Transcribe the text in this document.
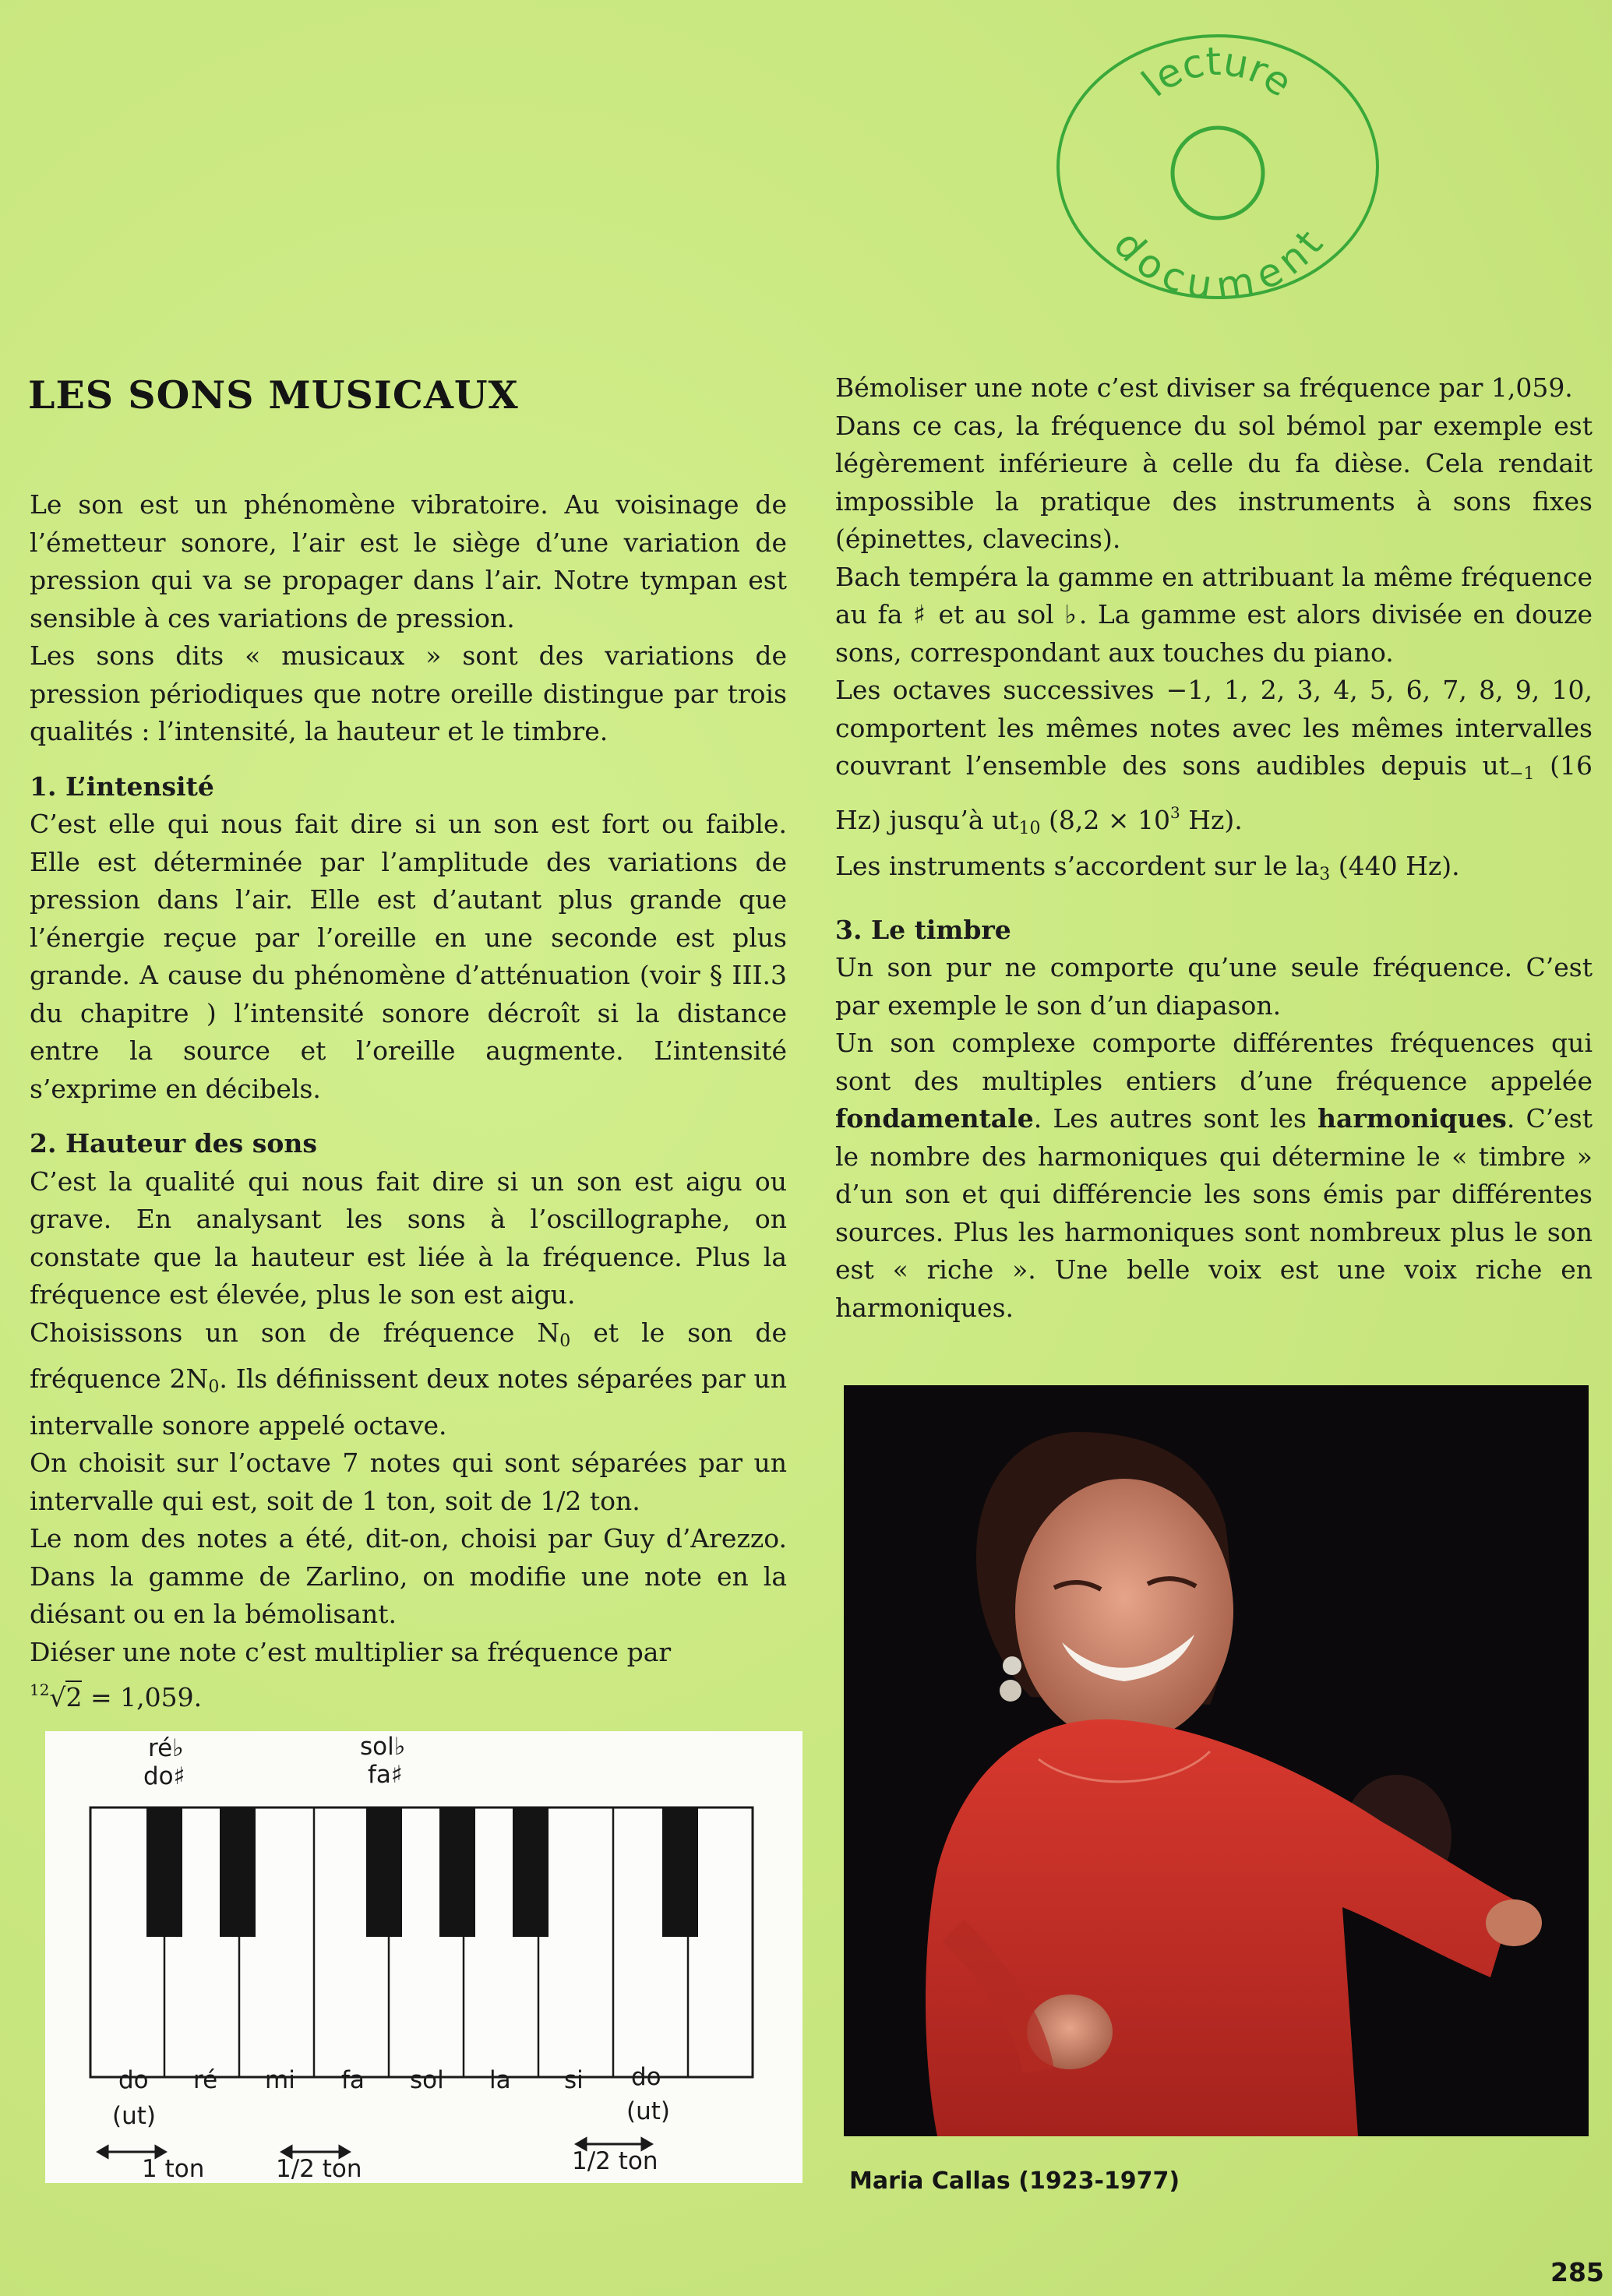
lecture
document
LES SONS MUSICAUX

Le son est un phénomène vibratoire. Au voisinage de l’émetteur sonore, l’air est le siège d’une variation de pression qui va se propager dans l’air. Notre tympan est sensible à ces variations de pression.

Les sons dits « musicaux » sont des variations de pression périodiques que notre oreille distingue par trois qualités : l’intensité, la hauteur et le timbre.

1. L’intensité

C’est elle qui nous fait dire si un son est fort ou faible. Elle est déterminée par l’amplitude des variations de pression dans l’air. Elle est d’autant plus grande que l’énergie reçue par l’oreille en une seconde est plus grande. A cause du phénomène d’atténuation (voir § III.3 du chapitre ) l’intensité sonore décroît si la distance entre la source et l’oreille augmente. L’intensité s’exprime en décibels.

2. Hauteur des sons

C’est la qualité qui nous fait dire si un son est aigu ou grave. En analysant les sons à l’oscillographe, on constate que la hauteur est liée à la fréquence. Plus la fréquence est élevée, plus le son est aigu.

Choisissons un son de fréquence $N_0$ et le son de fréquence $2N_0$. Ils définissent deux notes séparées par un intervalle sonore appelé octave.

On choisit sur l’octave 7 notes qui sont séparées par un intervalle qui est, soit de 1 ton, soit de 1/2 ton.

Le nom des notes a été, dit-on, choisi par Guy d’Arezzo. Dans la gamme de Zarlino, on modifie une note en la diésant ou en la bémolisant.

Diéser une note c’est multiplier sa fréquence par

$^{12}$√2 = 1,059.

Bémoliser une note c’est diviser sa fréquence par 1,059.

Dans ce cas, la fréquence du sol bémol par exemple est légèrement inférieure à celle du fa dièse. Cela rendait impossible la pratique des instruments à sons fixes (épinettes, clavecins).

Bach tempéra la gamme en attribuant la même fréquence au fa ♯ et au sol ♭. La gamme est alors divisée en douze sons, correspondant aux touches du piano.

Les octaves successives −1, 1, 2, 3, 4, 5, 6, 7, 8, 9, 10, comportent les mêmes notes avec les mêmes intervalles couvrant l’ensemble des sons audibles depuis $ut_{-1}$ (16 Hz) jusqu’à $ut_{10}$ ($8,2 \times 10^3$ Hz).

Les instruments s’accordent sur le $la_3$ (440 Hz).

3. Le timbre

Un son pur ne comporte qu’une seule fréquence. C’est par exemple le son d’un diapason.

Un son complexe comporte différentes fréquences qui sont des multiples entiers d’une fréquence appelée fondamentale. Les autres sont les harmoniques. C’est le nombre des harmoniques qui détermine le « timbre » d’un son et qui différencie les sons émis par différentes sources. Plus les harmoniques sont nombreux plus le son est « riche ». Une belle voix est une voix riche en harmoniques.

ré♭
do♯
sol♭
fa♯
do ré mi fa sol la si do
(ut)	(ut)
1 ton	1/2 ton	1/2 ton
Maria Callas (1923-1977)
285
